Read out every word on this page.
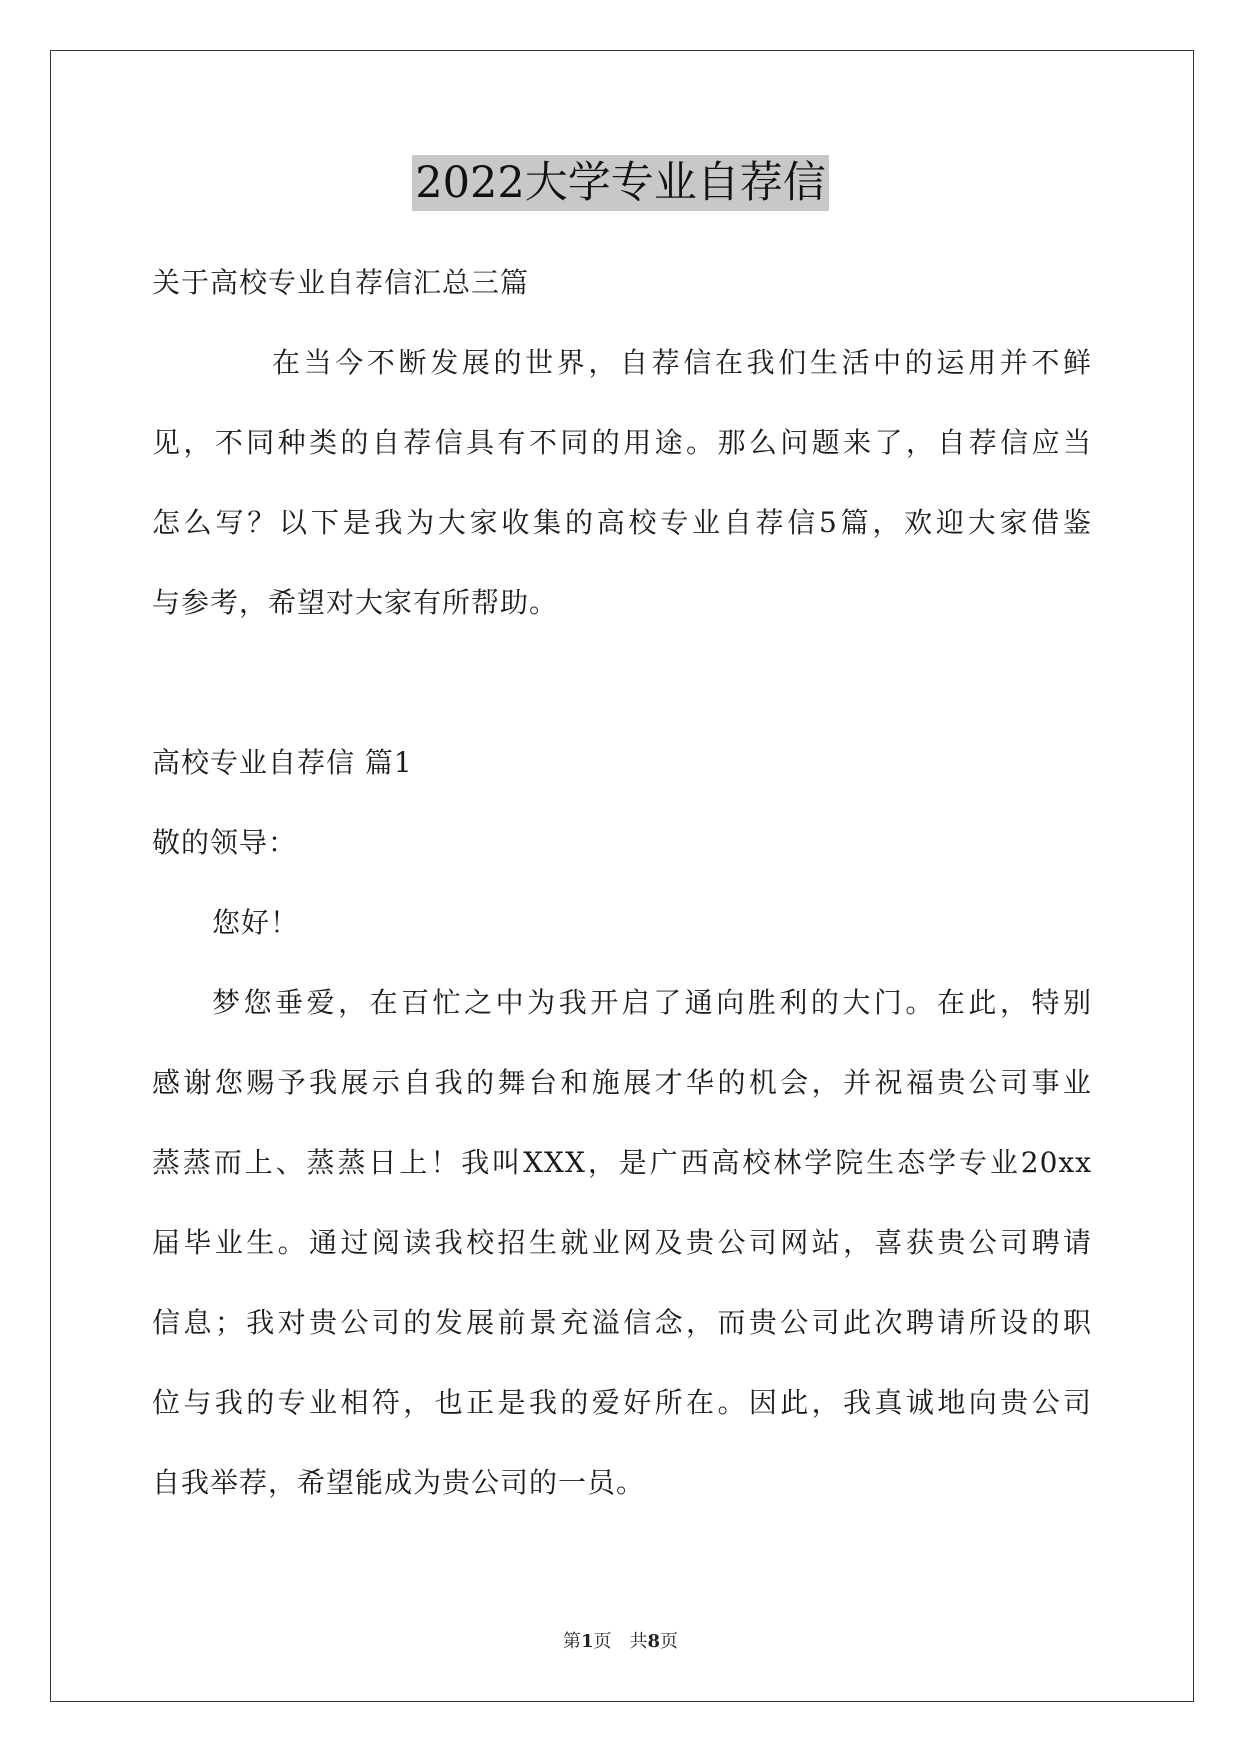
2022大学专业自荐信
关于高校专业自荐信汇总三篇
在当今不断发展的世界，自荐信在我们生活中的运用并不鲜
见，不同种类的自荐信具有不同的用途。那么问题来了，自荐信应当
怎么写？以下是我为大家收集的高校专业自荐信5篇，欢迎大家借鉴
与参考，希望对大家有所帮助。
高校专业自荐信 篇1
敬的领导：
您好！
梦您垂爱，在百忙之中为我开启了通向胜利的大门。在此，特别
感谢您赐予我展示自我的舞台和施展才华的机会，并祝福贵公司事业
蒸蒸而上、蒸蒸日上！我叫XXX，是广西高校林学院生态学专业20xx
届毕业生。通过阅读我校招生就业网及贵公司网站，喜获贵公司聘请
信息；我对贵公司的发展前景充溢信念，而贵公司此次聘请所设的职
位与我的专业相符，也正是我的爱好所在。因此，我真诚地向贵公司
自我举荐，希望能成为贵公司的一员。
第1页　共8页
